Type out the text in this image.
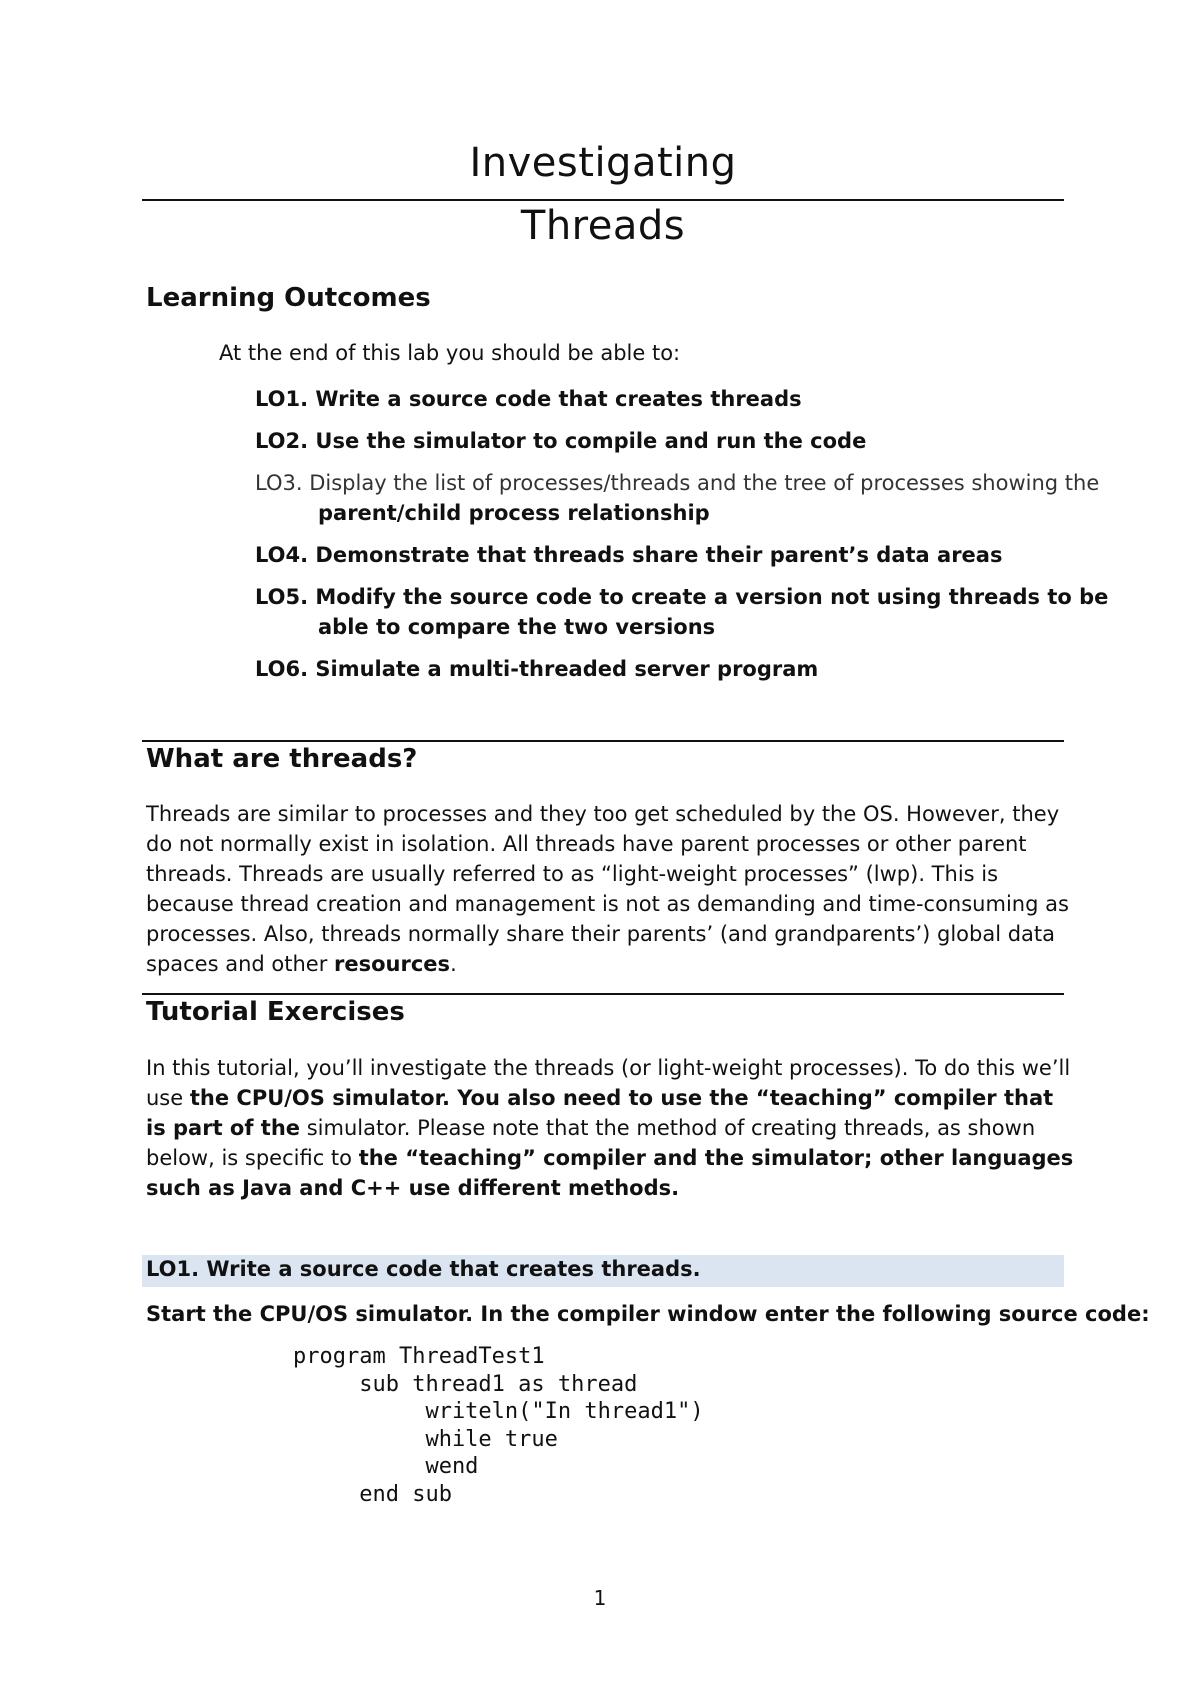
Investigating
Threads
Learning Outcomes
At the end of this lab you should be able to:
LO1. Write a source code that creates threads
LO2. Use the simulator to compile and run the code
LO3. Display the list of processes/threads and the tree of processes showing the
parent/child process relationship
LO4. Demonstrate that threads share their parent’s data areas
LO5. Modify the source code to create a version not using threads to be
able to compare the two versions
LO6. Simulate a multi-threaded server program
What are threads?
Threads are similar to processes and they too get scheduled by the OS. However, they do not normally exist in isolation. All threads have parent processes or other parent threads. Threads are usually referred to as “light-weight processes” (lwp). This is because thread creation and management is not as demanding and time-consuming as processes. Also, threads normally share their parents’ (and grandparents’) global data spaces and other resources.
Tutorial Exercises
In this tutorial, you’ll investigate the threads (or light-weight processes). To do this we’ll use the CPU/OS simulator. You also need to use the “teaching” compiler that is part of the simulator. Please note that the method of creating threads, as shown below, is specific to the “teaching” compiler and the simulator; other languages such as Java and C++ use different methods.
LO1. Write a source code that creates threads.
Start the CPU/OS simulator. In the compiler window enter the following source code:
program ThreadTest1
sub thread1 as thread
writeln("In thread1")
while true
wend
end sub
1
